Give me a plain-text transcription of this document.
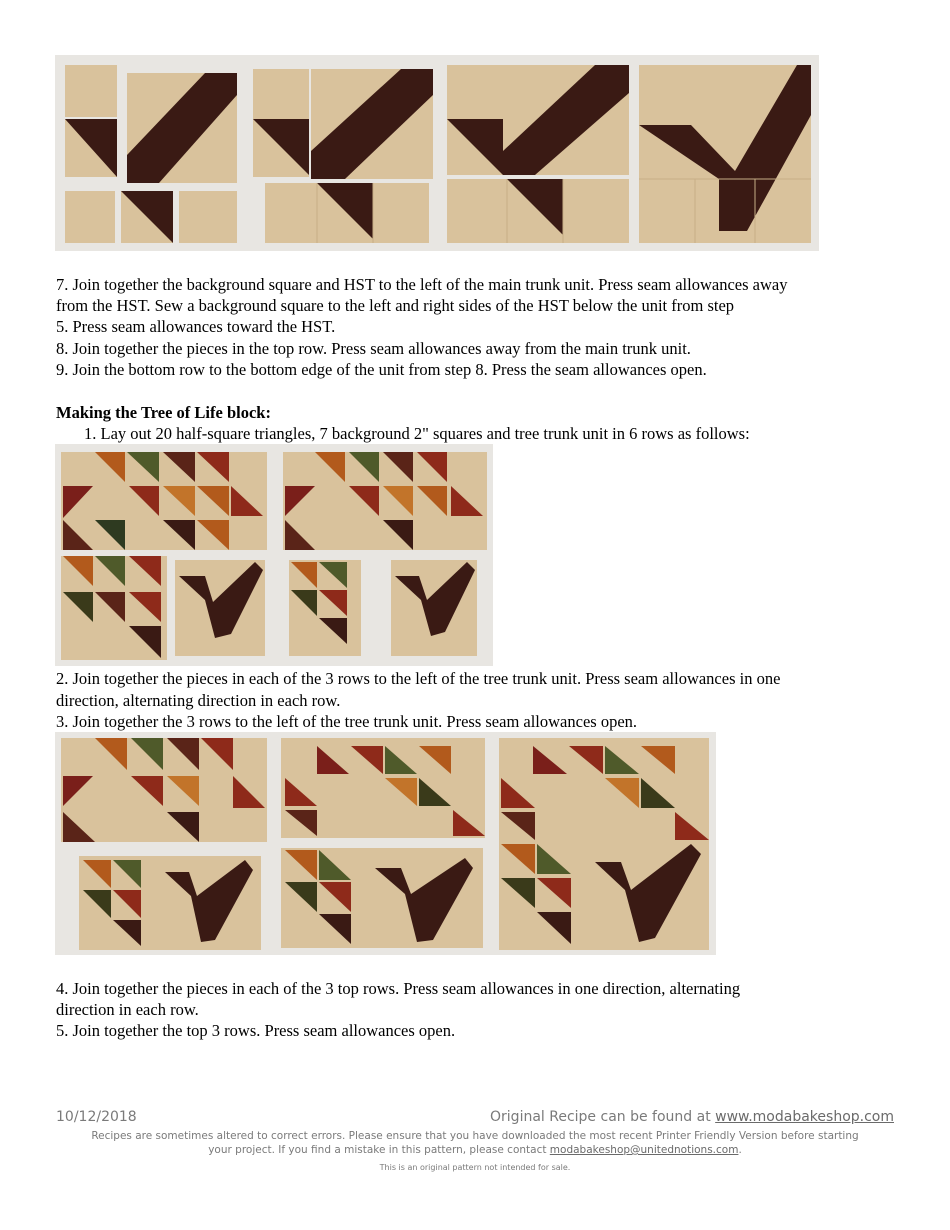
7. Join together the background square and HST to the left of the main trunk unit. Press seam allowances away
from the HST. Sew a background square to the left and right sides of the HST below the unit from step
5. Press seam allowances toward the HST.
8. Join together the pieces in the top row. Press seam allowances away from the main trunk unit.
9. Join the bottom row to the bottom edge of the unit from step 8. Press the seam allowances open.
Making the Tree of Life block:
1. Lay out 20 half-square triangles, 7 background 2" squares and tree trunk unit in 6 rows as follows:
2. Join together the pieces in each of the 3 rows to the left of the tree trunk unit. Press seam allowances in one
direction, alternating direction in each row.
3. Join together the 3 rows to the left of the tree trunk unit. Press seam allowances open.
4. Join together the pieces in each of the 3 top rows. Press seam allowances in one direction, alternating
direction in each row.
5. Join together the top 3 rows. Press seam allowances open.
10/12/2018	Original Recipe can be found at www.modabakeshop.com
Recipes are sometimes altered to correct errors. Please ensure that you have downloaded the most recent Printer Friendly Version before starting
your project. If you find a mistake in this pattern, please contact modabakeshop@unitednotions.com.
This is an original pattern not intended for sale.
